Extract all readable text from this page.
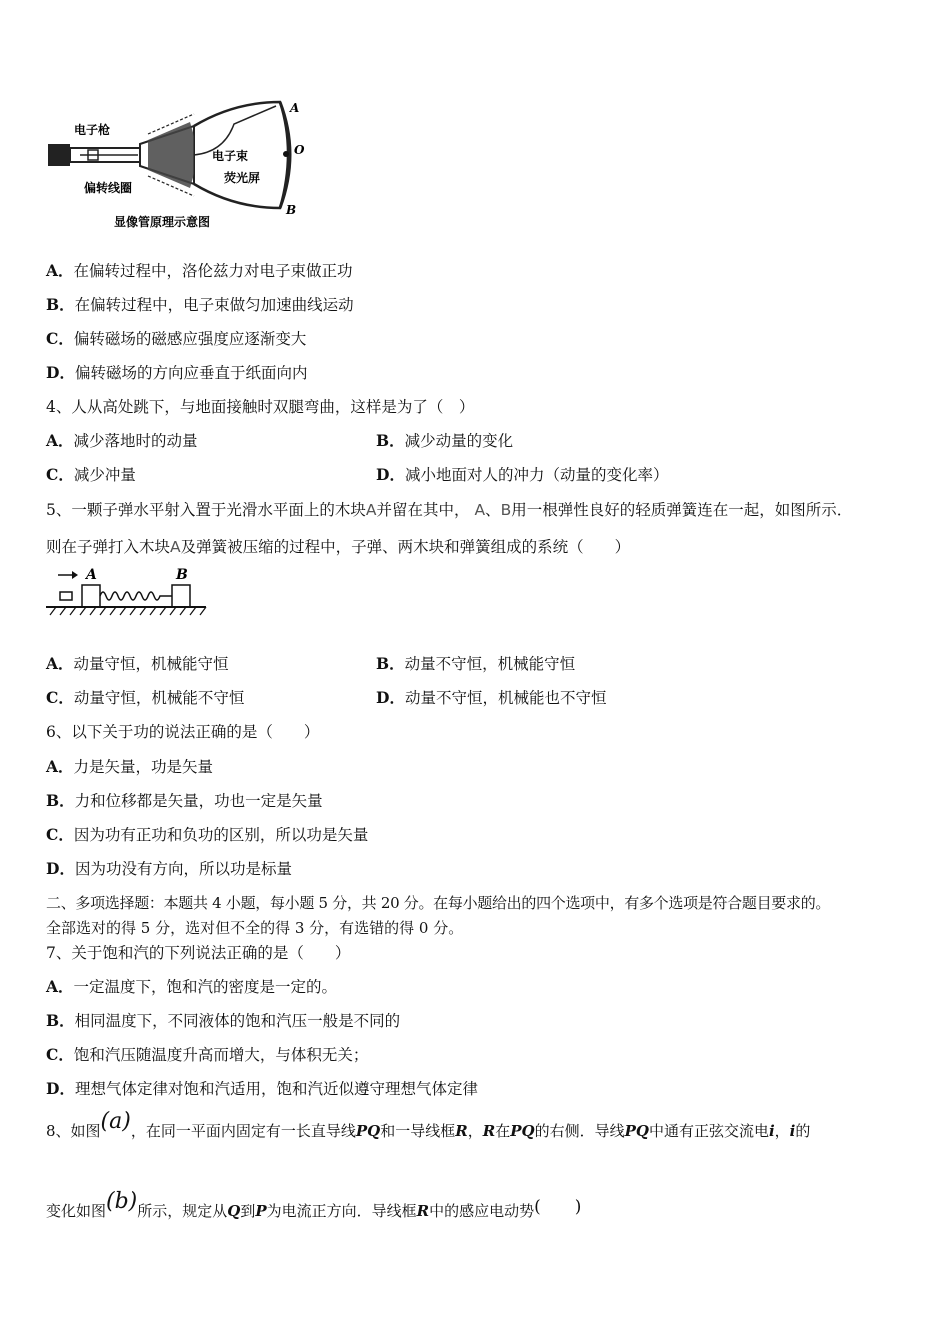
电子枪
偏转线圈
电子束
荧光屏
A
O
B
显像管原理示意图
A．在偏转过程中，洛伦兹力对电子束做正功
B．在偏转过程中，电子束做匀加速曲线运动
C．偏转磁场的磁感应强度应逐渐变大
D．偏转磁场的方向应垂直于纸面向内
4、人从高处跳下，与地面接触时双腿弯曲，这样是为了（　）
A．减少落地时的动量	B．减少动量的变化
C．减少冲量	D．减小地面对人的冲力（动量的变化率）
5、一颗子弹水平射入置于光滑水平面上的木块A并留在其中， A、B用一根弹性良好的轻质弹簧连在一起，如图所示．
则在子弹打入木块A及弹簧被压缩的过程中，子弹、两木块和弹簧组成的系统（　　）
A	B
A．动量守恒，机械能守恒	B．动量不守恒，机械能守恒
C．动量守恒，机械能不守恒	D．动量不守恒，机械能也不守恒
6、以下关于功的说法正确的是（　　）
A．力是矢量，功是矢量
B．力和位移都是矢量，功也一定是矢量
C．因为功有正功和负功的区别，所以功是矢量
D．因为功没有方向，所以功是标量
二、多项选择题：本题共 4 小题，每小题 5 分，共 20 分。在每小题给出的四个选项中，有多个选项是符合题目要求的。
全部选对的得 5 分，选对但不全的得 3 分，有选错的得 0 分。
7、关于饱和汽的下列说法正确的是（　　）
A．一定温度下，饱和汽的密度是一定的。
B．相同温度下，不同液体的饱和汽压一般是不同的
C．饱和汽压随温度升高而增大，与体积无关；
D．理想气体定律对饱和汽适用，饱和汽近似遵守理想气体定律
8、如图(a)，在同一平面内固定有一长直导线PQ和一导线框R，R在PQ的右侧．导线PQ中通有正弦交流电i，i的
变化如图(b)所示，规定从Q到P为电流正方向．导线框R中的感应电动势(　　)
